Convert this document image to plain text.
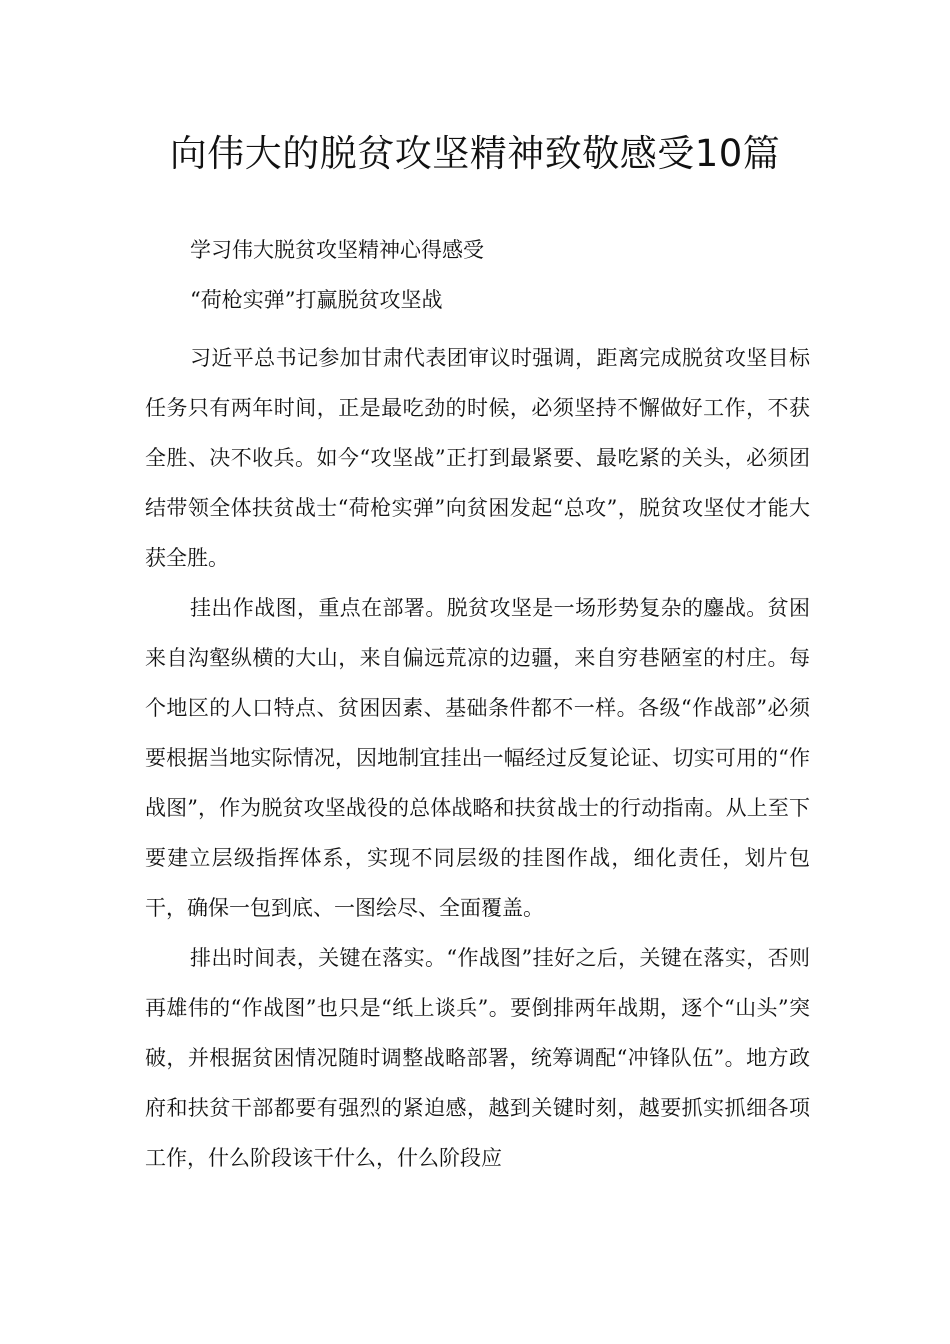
向伟大的脱贫攻坚精神致敬感受10篇
学习伟大脱贫攻坚精神心得感受
“荷枪实弹”打赢脱贫攻坚战

习近平总书记参加甘肃代表团审议时强调，距离完成脱贫攻坚目标任务只有两年时间，正是最吃劲的时候，必须坚持不懈做好工作，不获全胜、决不收兵。如今“攻坚战”正打到最紧要、最吃紧的关头，必须团结带领全体扶贫战士“荷枪实弹”向贫困发起“总攻”，脱贫攻坚仗才能大获全胜。

挂出作战图，重点在部署。脱贫攻坚是一场形势复杂的鏖战。贫困来自沟壑纵横的大山，来自偏远荒凉的边疆，来自穷巷陋室的村庄。每个地区的人口特点、贫困因素、基础条件都不一样。各级“作战部”必须要根据当地实际情况，因地制宜挂出一幅经过反复论证、切实可用的“作战图”，作为脱贫攻坚战役的总体战略和扶贫战士的行动指南。从上至下要建立层级指挥体系，实现不同层级的挂图作战，细化责任，划片包干，确保一包到底、一图绘尽、全面覆盖。

排出时间表，关键在落实。“作战图”挂好之后，关键在落实，否则再雄伟的“作战图”也只是“纸上谈兵”。要倒排两年战期，逐个“山头”突破，并根据贫困情况随时调整战略部署，统筹调配“冲锋队伍”。地方政府和扶贫干部都要有强烈的紧迫感，越到关键时刻，越要抓实抓细各项工作，什么阶段该干什么，什么阶段应
